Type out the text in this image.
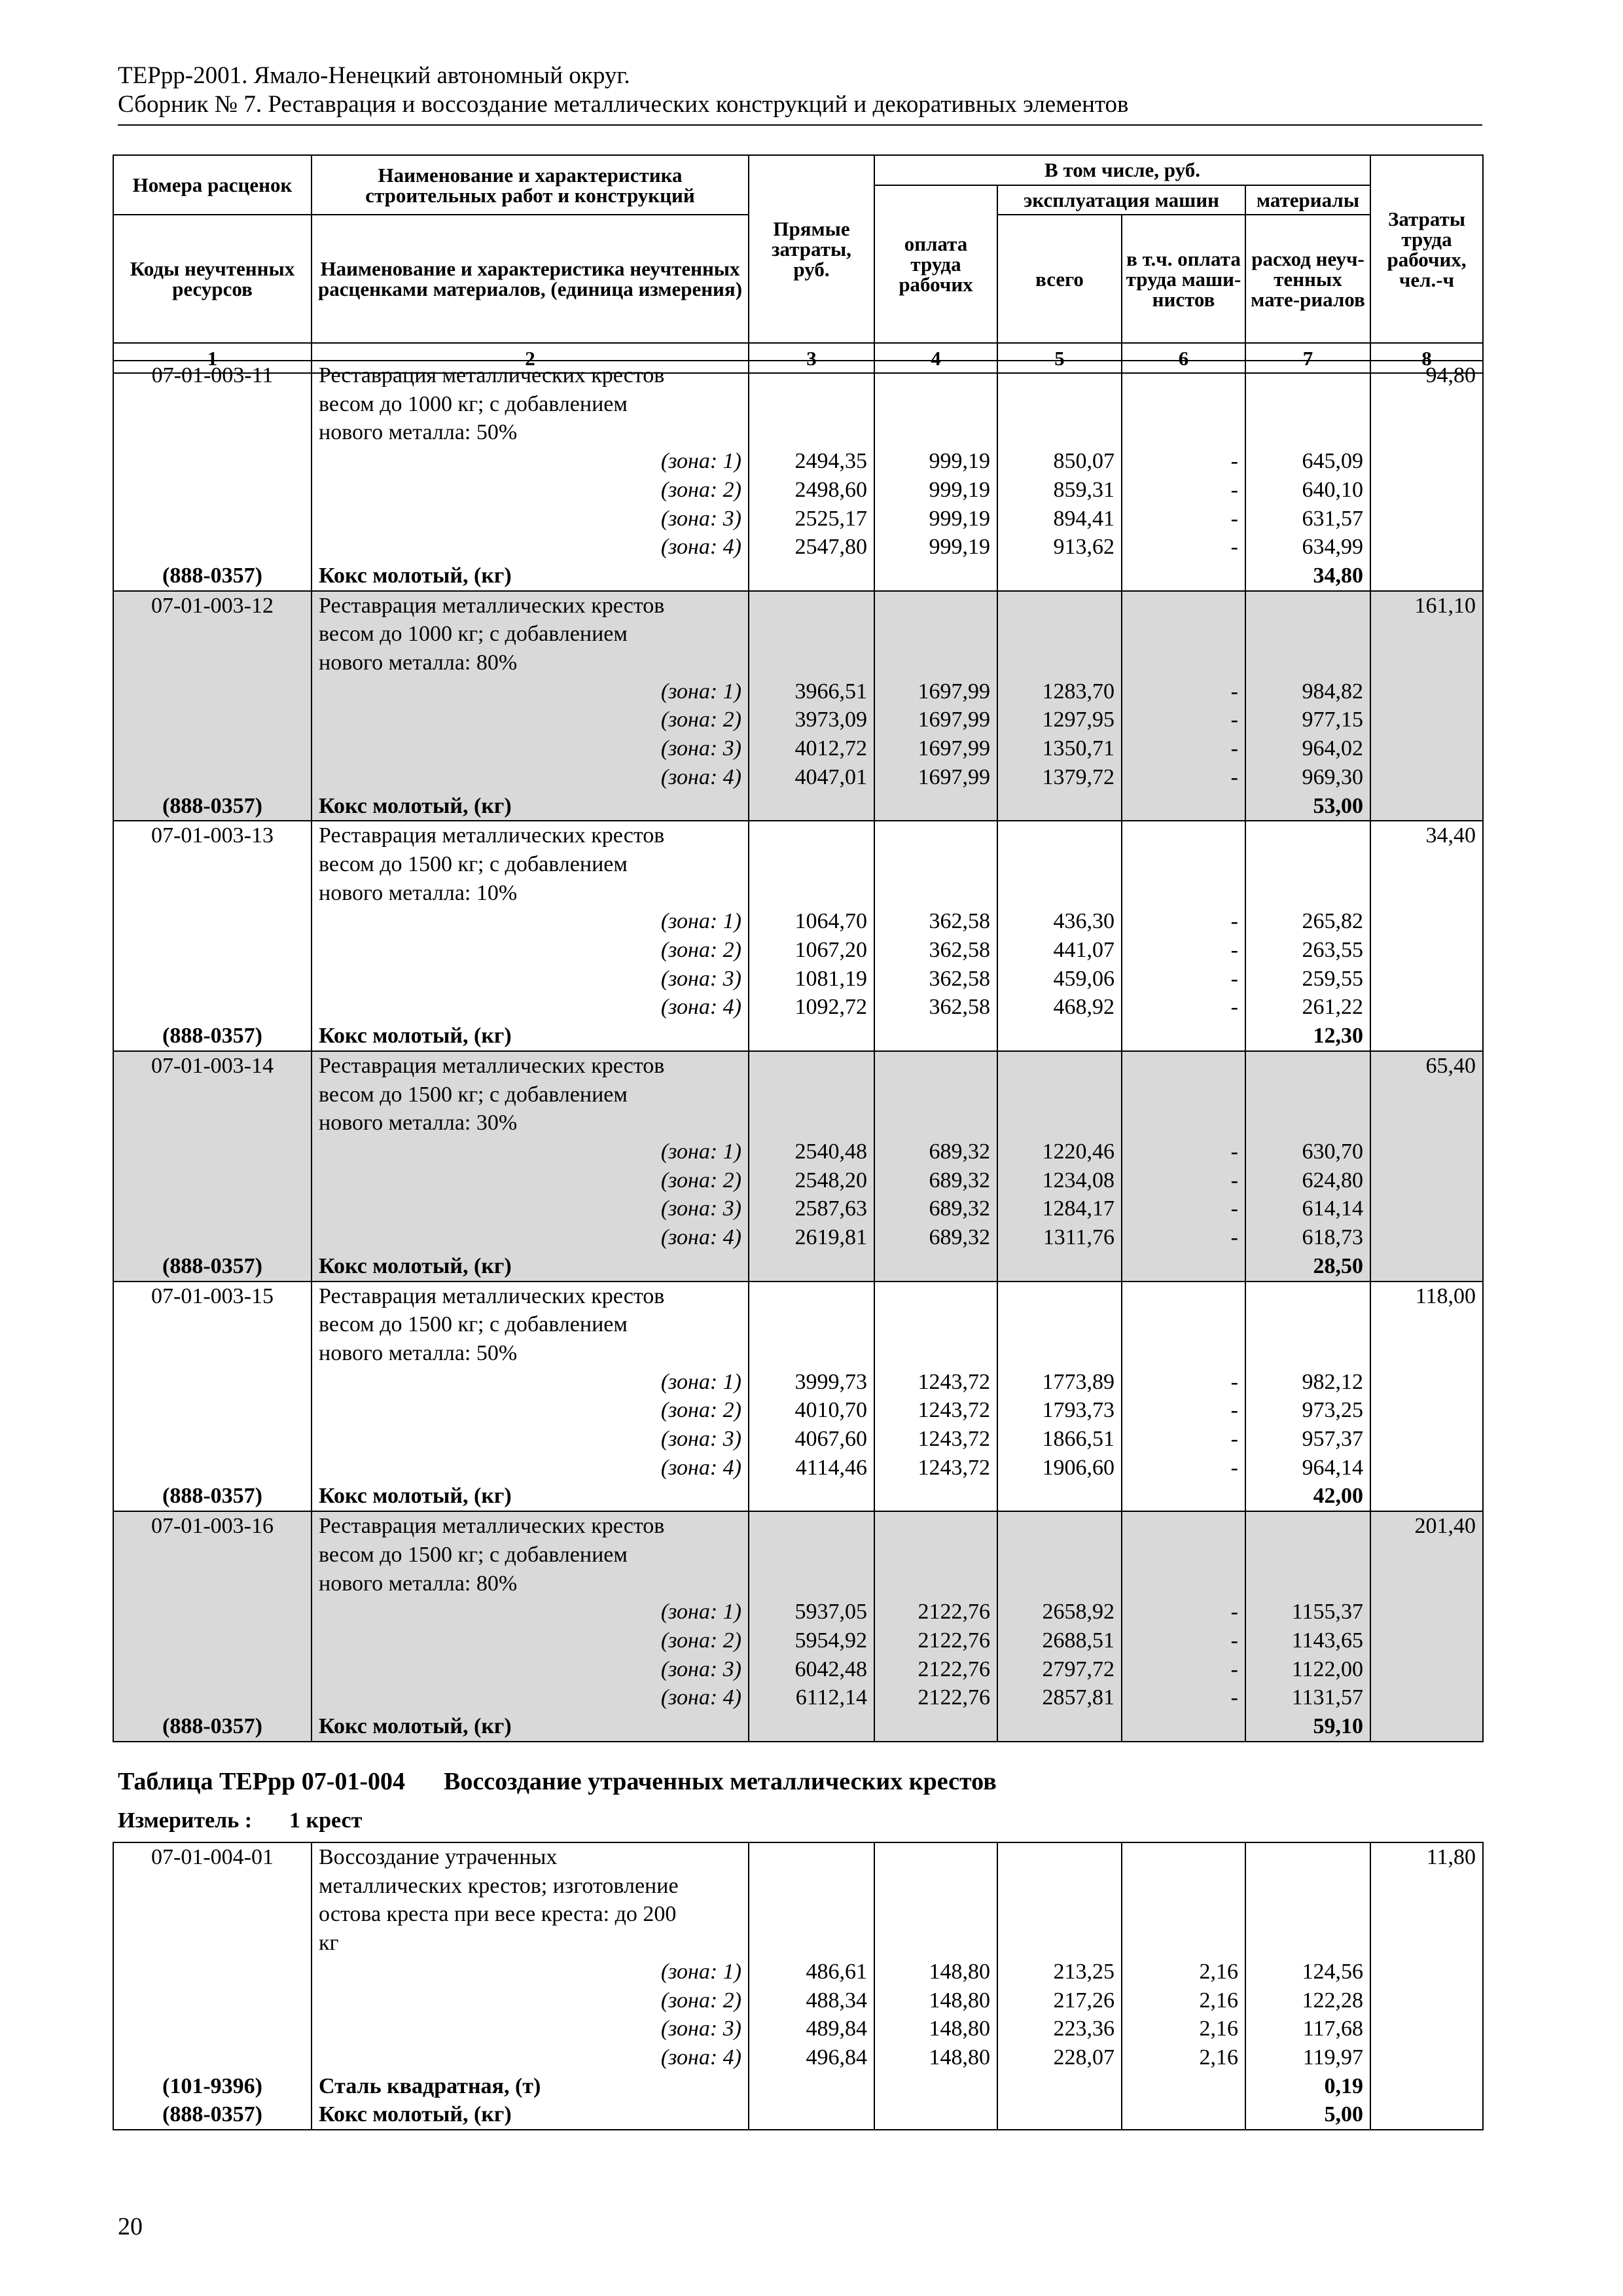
ТЕРрр-2001. Ямало-Ненецкий автономный округ.
Сборник № 7. Реставрация и воссоздание металлических конструкций и декоративных элементов
Номера расценок	Наименование и характеристика строительных работ и конструкций	Прямые затраты, руб.	В том числе, руб.				Затраты труда рабочих, чел.-ч
			оплата труда рабочих	эксплуатация машин		материалы	
Коды неучтенных ресурсов	Наименование и характеристика неучтенных расценками материалов, (единица измерения)			всего	в т.ч. оплата труда маши-нистов	расход неуч-тенных мате-риалов	
1	2	3	4	5	6	7	8
07-01-003-11	Реставрация металлических крестов						94,80
	весом до 1000 кг; с добавлением						
	нового металла: 50%						
	(зона: 1)	2494,35	999,19	850,07	-	645,09	
	(зона: 2)	2498,60	999,19	859,31	-	640,10	
	(зона: 3)	2525,17	999,19	894,41	-	631,57	
	(зона: 4)	2547,80	999,19	913,62	-	634,99	
(888-0357)	Кокс молотый, (кг)					34,80	
07-01-003-12	Реставрация металлических крестов						161,10
	весом до 1000 кг; с добавлением						
	нового металла: 80%						
	(зона: 1)	3966,51	1697,99	1283,70	-	984,82	
	(зона: 2)	3973,09	1697,99	1297,95	-	977,15	
	(зона: 3)	4012,72	1697,99	1350,71	-	964,02	
	(зона: 4)	4047,01	1697,99	1379,72	-	969,30	
(888-0357)	Кокс молотый, (кг)					53,00	
07-01-003-13	Реставрация металлических крестов						34,40
	весом до 1500 кг; с добавлением						
	нового металла: 10%						
	(зона: 1)	1064,70	362,58	436,30	-	265,82	
	(зона: 2)	1067,20	362,58	441,07	-	263,55	
	(зона: 3)	1081,19	362,58	459,06	-	259,55	
	(зона: 4)	1092,72	362,58	468,92	-	261,22	
(888-0357)	Кокс молотый, (кг)					12,30	
07-01-003-14	Реставрация металлических крестов						65,40
	весом до 1500 кг; с добавлением						
	нового металла: 30%						
	(зона: 1)	2540,48	689,32	1220,46	-	630,70	
	(зона: 2)	2548,20	689,32	1234,08	-	624,80	
	(зона: 3)	2587,63	689,32	1284,17	-	614,14	
	(зона: 4)	2619,81	689,32	1311,76	-	618,73	
(888-0357)	Кокс молотый, (кг)					28,50	
07-01-003-15	Реставрация металлических крестов						118,00
	весом до 1500 кг; с добавлением						
	нового металла: 50%						
	(зона: 1)	3999,73	1243,72	1773,89	-	982,12	
	(зона: 2)	4010,70	1243,72	1793,73	-	973,25	
	(зона: 3)	4067,60	1243,72	1866,51	-	957,37	
	(зона: 4)	4114,46	1243,72	1906,60	-	964,14	
(888-0357)	Кокс молотый, (кг)					42,00	
07-01-003-16	Реставрация металлических крестов						201,40
	весом до 1500 кг; с добавлением						
	нового металла: 80%						
	(зона: 1)	5937,05	2122,76	2658,92	-	1155,37	
	(зона: 2)	5954,92	2122,76	2688,51	-	1143,65	
	(зона: 3)	6042,48	2122,76	2797,72	-	1122,00	
	(зона: 4)	6112,14	2122,76	2857,81	-	1131,57	
(888-0357)	Кокс молотый, (кг)					59,10	
Таблица ТЕРрр 07-01-004 Воссоздание утраченных металлических крестов
Измеритель : 1 крест
07-01-004-01	Воссоздание утраченных						11,80
	металлических крестов; изготовление						
	остова креста при весе креста: до 200						
	кг						
	(зона: 1)	486,61	148,80	213,25	2,16	124,56	
	(зона: 2)	488,34	148,80	217,26	2,16	122,28	
	(зона: 3)	489,84	148,80	223,36	2,16	117,68	
	(зона: 4)	496,84	148,80	228,07	2,16	119,97	
(101-9396)	Сталь квадратная, (т)					0,19	
(888-0357)	Кокс молотый, (кг)					5,00	
20
